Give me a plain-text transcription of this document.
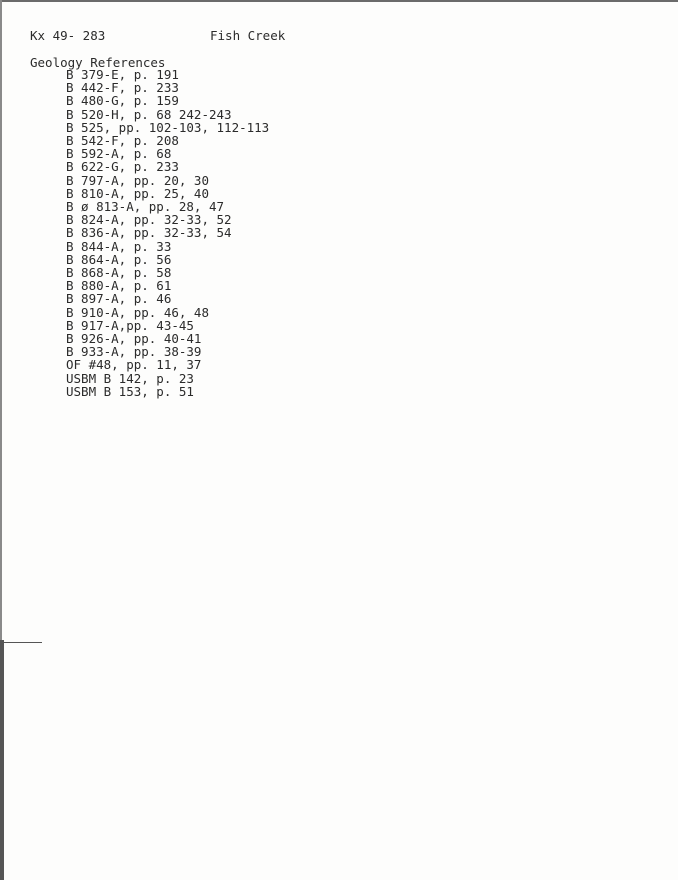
Kx 49- 283	Fish Creek
Geology References
B 379-E, p. 191
B 442-F, p. 233
B 480-G, p. 159
B 520-H, p. 68 242-243
B 525, pp. 102-103, 112-113
B 542-F, p. 208
B 592-A, p. 68
B 622-G, p. 233
B 797-A, pp. 20, 30
B 810-A, pp. 25, 40
B ø 813-A, pp. 28, 47
B 824-A, pp. 32-33, 52
B 836-A, pp. 32-33, 54
B 844-A, p. 33
B 864-A, p. 56
B 868-A, p. 58
B 880-A, p. 61
B 897-A, p. 46
B 910-A, pp. 46, 48
B 917-A,pp. 43-45
B 926-A, pp. 40-41
B 933-A, pp. 38-39
OF #48, pp. 11, 37
USBM B 142, p. 23
USBM B 153, p. 51
